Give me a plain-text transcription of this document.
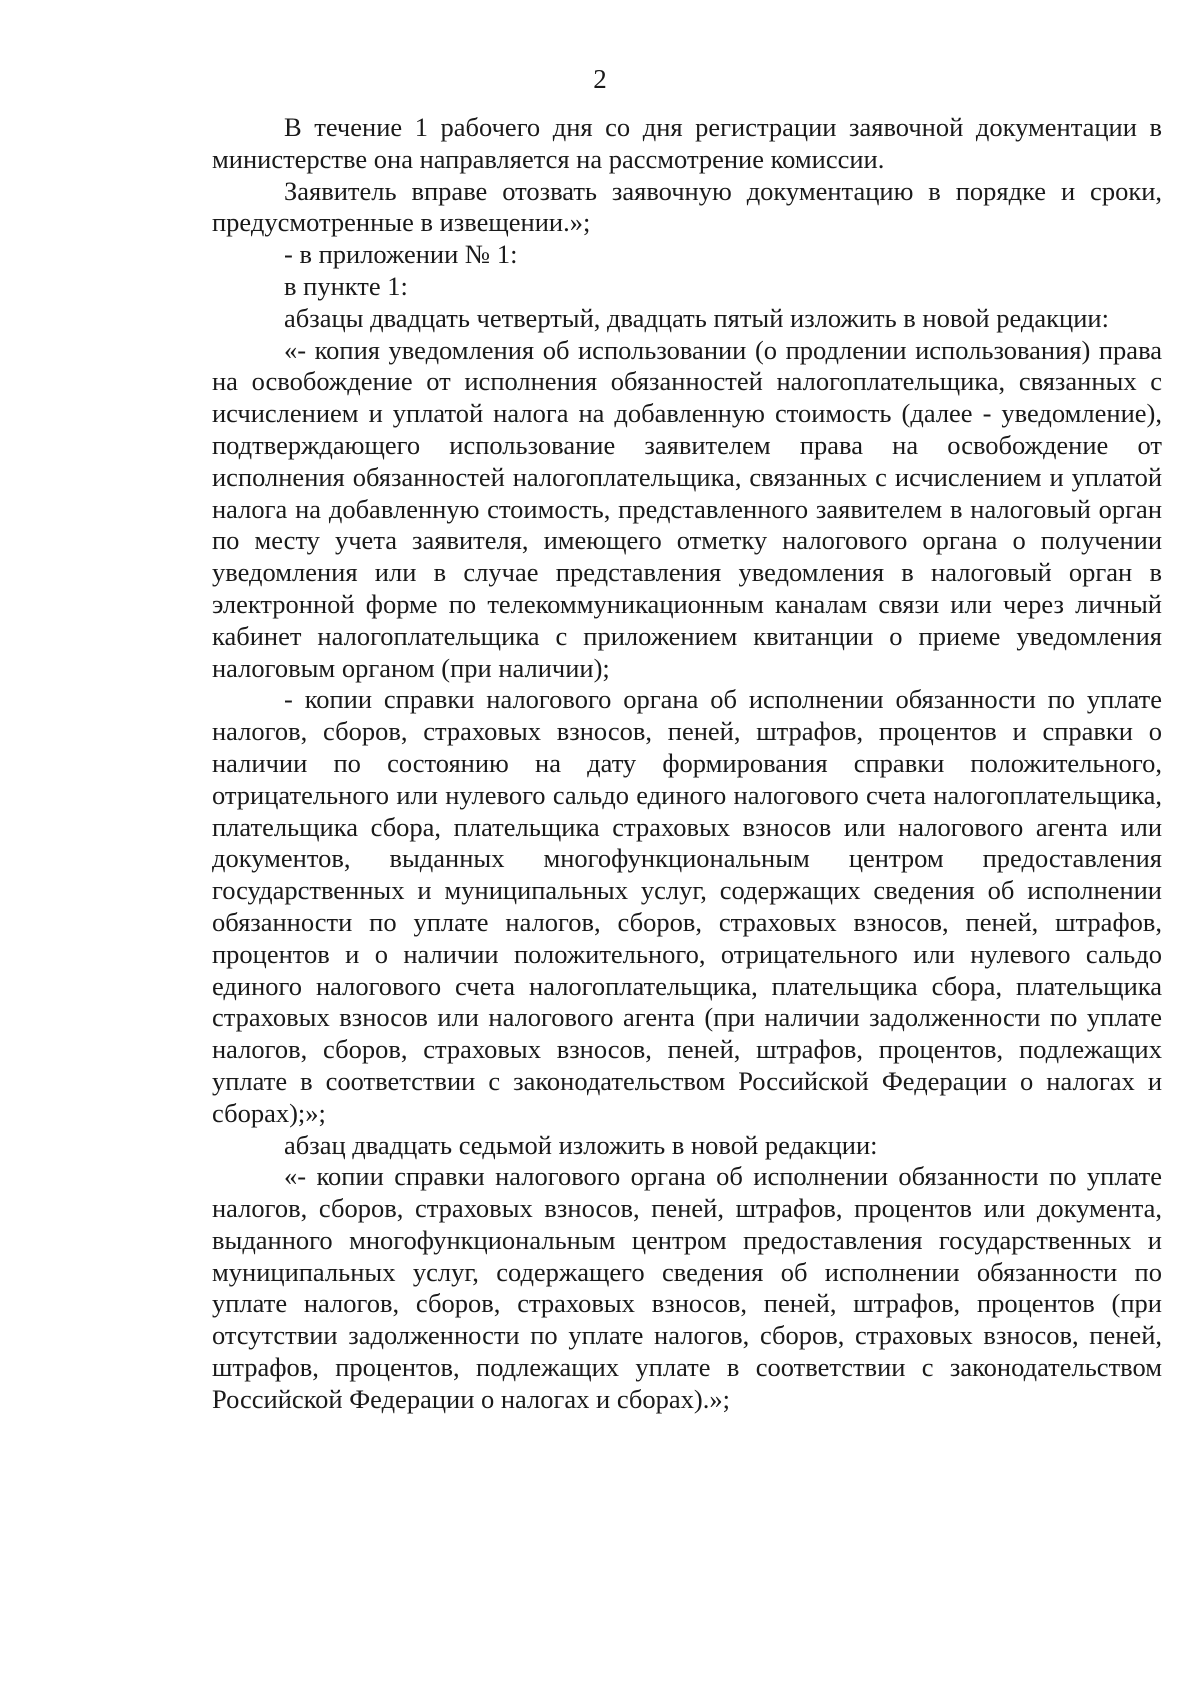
2

В течение 1 рабочего дня со дня регистрации заявочной документации в министерстве она направляется на рассмотрение комиссии.

Заявитель вправе отозвать заявочную документацию в порядке и сроки, предусмотренные в извещении.»;

- в приложении № 1:

в пункте 1:

абзацы двадцать четвертый, двадцать пятый изложить в новой редакции:

«- копия уведомления об использовании (о продлении использования) права на освобождение от исполнения обязанностей налогоплательщика, связанных с исчислением и уплатой налога на добавленную стоимость (далее - уведомление), подтверждающего использование заявителем права на освобождение от исполнения обязанностей налогоплательщика, связанных с исчислением и уплатой налога на добавленную стоимость, представленного заявителем в налоговый орган по месту учета заявителя, имеющего отметку налогового органа о получении уведомления или в случае представления уведомления в налоговый орган в электронной форме по телекоммуникационным каналам связи или через личный кабинет налогоплательщика с приложением квитанции о приеме уведомления налоговым органом (при наличии);

- копии справки налогового органа об исполнении обязанности по уплате налогов, сборов, страховых взносов, пеней, штрафов, процентов и справки о наличии по состоянию на дату формирования справки положительного, отрицательного или нулевого сальдо единого налогового счета налогоплательщика, плательщика сбора, плательщика страховых взносов или налогового агента или документов, выданных многофункциональным центром предоставления государственных и муниципальных услуг, содержащих сведения об исполнении обязанности по уплате налогов, сборов, страховых взносов, пеней, штрафов, процентов и о наличии положительного, отрицательного или нулевого сальдо единого налогового счета налогоплательщика, плательщика сбора, плательщика страховых взносов или налогового агента (при наличии задолженности по уплате налогов, сборов, страховых взносов, пеней, штрафов, процентов, подлежащих уплате в соответствии с законодательством Российской Федерации о налогах и сборах);»;

абзац двадцать седьмой изложить в новой редакции:

«- копии справки налогового органа об исполнении обязанности по уплате налогов, сборов, страховых взносов, пеней, штрафов, процентов или документа, выданного многофункциональным центром предоставления государственных и муниципальных услуг, содержащего сведения об исполнении обязанности по уплате налогов, сборов, страховых взносов, пеней, штрафов, процентов (при отсутствии задолженности по уплате налогов, сборов, страховых взносов, пеней, штрафов, процентов, подлежащих уплате в соответствии с законодательством Российской Федерации о налогах и сборах).»;
